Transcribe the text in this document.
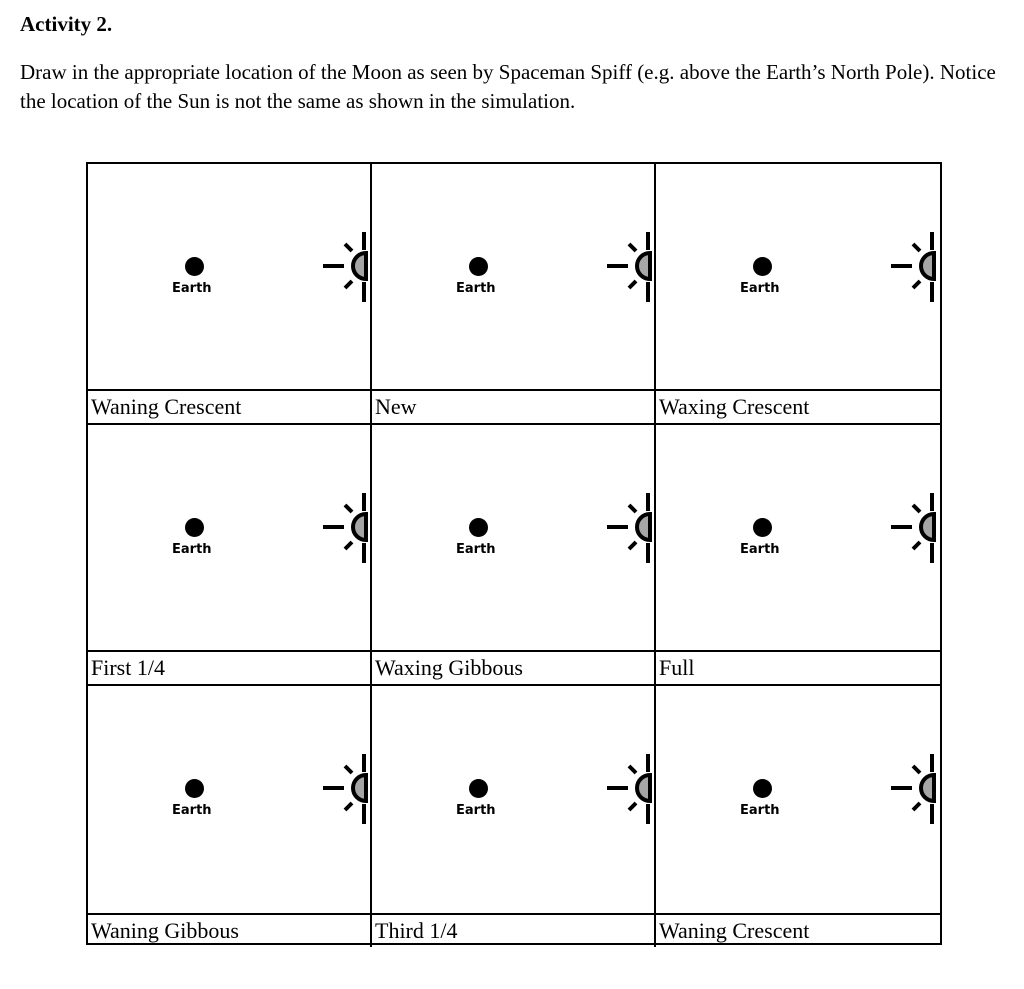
Activity 2.
Draw in the appropriate location of the Moon as seen by Spaceman Spiff (e.g. above the Earth’s North Pole). Notice the location of the Sun is not the same as shown in the simulation.
Earth
Waning Crescent
Earth
New
Earth
Waxing Crescent
Earth
First 1/4
Earth
Waxing Gibbous
Earth
Full
Earth
Waning Gibbous
Earth
Third 1/4
Earth
Waning Crescent
